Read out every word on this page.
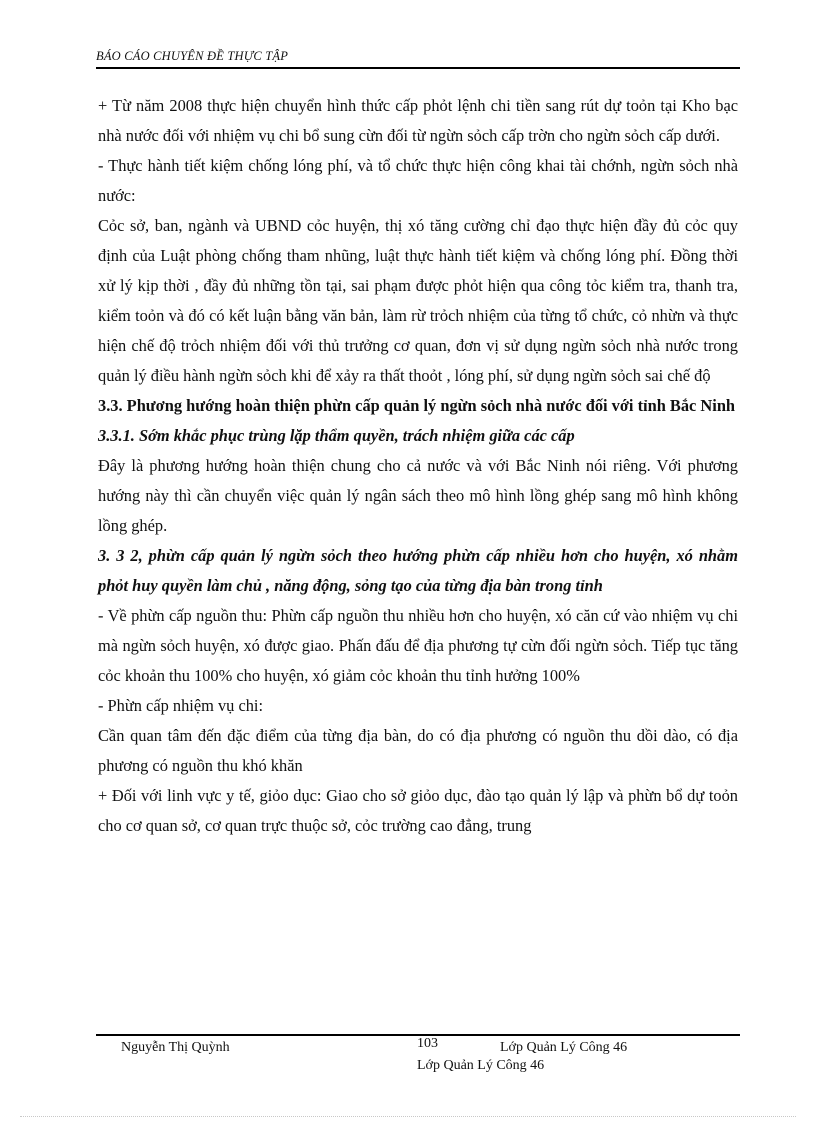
BÁO CÁO CHUYÊN ĐỀ THỰC TẬP

+ Từ năm 2008 thực hiện chuyển hình thức cấp phỏt lệnh chi tiền sang rút dự toỏn tại Kho bạc nhà nước đối với nhiệm vụ chi bổ sung cừn đối từ ngừn sỏch cấp trờn cho ngừn sỏch cấp dưới.

- Thực hành tiết kiệm chống lóng phí, và tổ chức thực hiện công khai tài chớnh, ngừn sỏch nhà nước:

Cỏc sở, ban, ngành và UBND cỏc huyện, thị xó tăng cường chỉ đạo thực hiện đầy đủ cỏc quy định của Luật phòng chống tham nhũng, luật thực hành tiết kiệm và chống lóng phí. Đồng thời xử lý kịp thời , đầy đủ những tồn tại, sai phạm được phỏt hiện qua công tỏc kiểm tra, thanh tra, kiểm toỏn và đó có kết luận bằng văn bản, làm rừ trỏch nhiệm của từng tổ chức, cỏ nhừn và thực hiện chế độ trỏch nhiệm đối với thủ trưởng cơ quan, đơn vị sử dụng ngừn sỏch nhà nước trong quản lý điều hành ngừn sỏch khi để xảy ra thất thoỏt , lóng phí, sử dụng ngừn sỏch sai chế độ

3.3. Phương hướng hoàn thiện phừn cấp quản lý ngừn sỏch nhà nước đối với tỉnh Bắc Ninh

3.3.1. Sớm khắc phục trùng lặp thẩm quyền, trách nhiệm giữa các cấp

Đây là phương hướng hoàn thiện chung cho cả nước và với Bắc Ninh nói riêng. Với phương hướng này thì cần chuyển việc quản lý ngân sách theo mô hình lồng ghép sang mô hình không lồng ghép.

3. 3 2, phừn cấp quản lý ngừn sỏch theo hướng phừn cấp nhiều hơn cho huyện, xó nhằm phỏt huy quyền làm chủ , năng động, sỏng tạo của từng địa bàn trong tỉnh

- Về phừn cấp nguồn thu: Phừn cấp nguồn thu nhiều hơn cho huyện, xó căn cứ vào nhiệm vụ chi mà ngừn sỏch huyện, xó được giao. Phấn đấu để địa phương tự cừn đối ngừn sỏch. Tiếp tục tăng cỏc khoản thu 100% cho huyện, xó giảm cỏc khoản thu tỉnh hưởng 100%

- Phừn cấp nhiệm vụ chi:

Cần quan tâm đến đặc điểm của từng địa bàn, do có địa phương có nguồn thu dồi dào, có địa phương có nguồn thu khó khăn

+ Đối với linh vực y tế, giỏo dục: Giao cho sở giỏo dục, đào tạo quản lý lập và phừn bổ dự toỏn cho cơ quan sở, cơ quan trực thuộc sở, cỏc trường cao đẳng, trung

Nguyễn Thị Quỳnh	103	Lớp Quản Lý Công 46
Lớp Quản Lý Công 46
